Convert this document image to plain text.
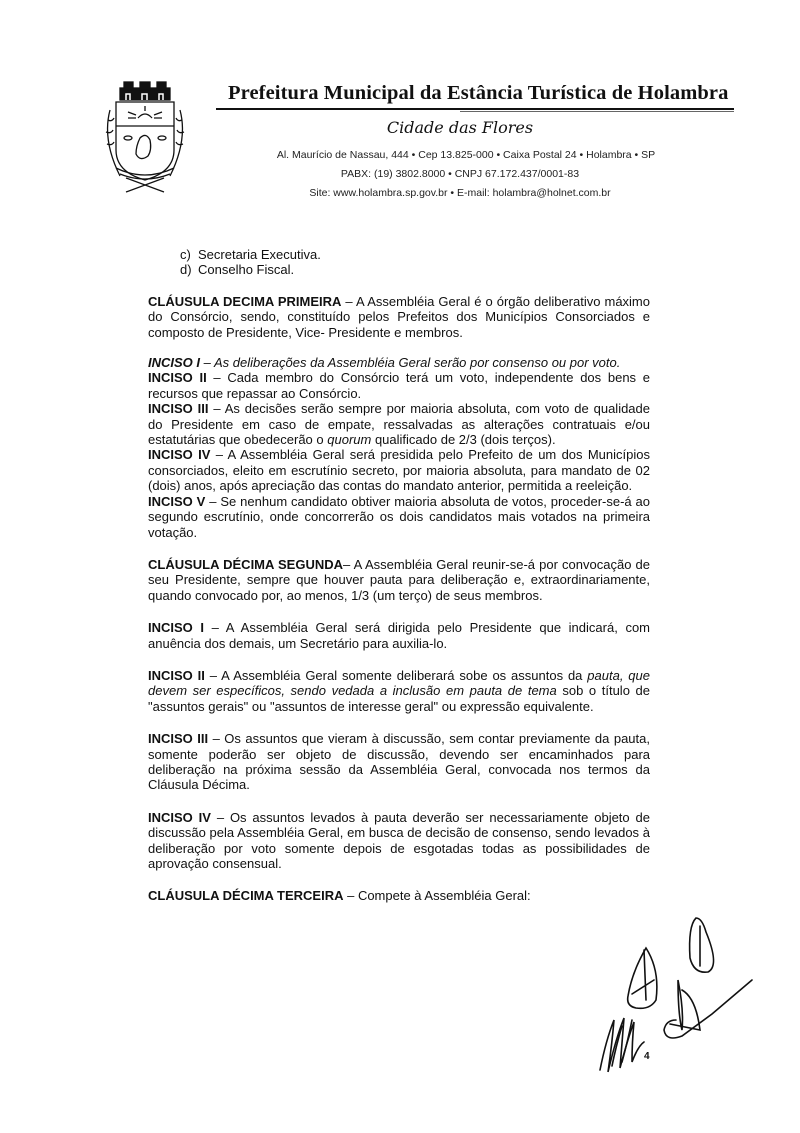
Prefeitura Municipal da Estância Turística de Holambra
Cidade das Flores
Al. Maurício de Nassau, 444 • Cep 13.825-000 • Caixa Postal 24 • Holambra • SP
PABX: (19) 3802.8000 • CNPJ 67.172.437/0001-83
Site: www.holambra.sp.gov.br • E-mail: holambra@holnet.com.br
c) Secretaria Executiva.
d) Conselho Fiscal.

CLÁUSULA DECIMA PRIMEIRA – A Assembléia Geral é o órgão deliberativo máximo do Consórcio, sendo, constituído pelos Prefeitos dos Municípios Consorciados e composto de Presidente, Vice- Presidente e membros.

INCISO I – As deliberações da Assembléia Geral serão por consenso ou por voto.

INCISO II – Cada membro do Consórcio terá um voto, independente dos bens e recursos que repassar ao Consórcio.

INCISO III – As decisões serão sempre por maioria absoluta, com voto de qualidade do Presidente em caso de empate, ressalvadas as alterações contratuais e/ou estatutárias que obedecerão o quorum qualificado de 2/3 (dois terços).

INCISO IV – A Assembléia Geral será presidida pelo Prefeito de um dos Municípios consorciados, eleito em escrutínio secreto, por maioria absoluta, para mandato de 02 (dois) anos, após apreciação das contas do mandato anterior, permitida a reeleição.

INCISO V – Se nenhum candidato obtiver maioria absoluta de votos, proceder-se-á ao segundo escrutínio, onde concorrerão os dois candidatos mais votados na primeira votação.

CLÁUSULA DÉCIMA SEGUNDA– A Assembléia Geral reunir-se-á por convocação de seu Presidente, sempre que houver pauta para deliberação e, extraordinariamente, quando convocado por, ao menos, 1/3 (um terço) de seus membros.

INCISO I – A Assembléia Geral será dirigida pelo Presidente que indicará, com anuência dos demais, um Secretário para auxilia-lo.

INCISO II – A Assembléia Geral somente deliberará sobe os assuntos da pauta, que devem ser específicos, sendo vedada a inclusão em pauta de tema sob o título de "assuntos gerais" ou "assuntos de interesse geral" ou expressão equivalente.

INCISO III – Os assuntos que vieram à discussão, sem contar previamente da pauta, somente poderão ser objeto de discussão, devendo ser encaminhados para deliberação na próxima sessão da Assembléia Geral, convocada nos termos da Cláusula Décima.

INCISO IV – Os assuntos levados à pauta deverão ser necessariamente objeto de discussão pela Assembléia Geral, em busca de decisão de consenso, sendo levados à deliberação por voto somente depois de esgotadas todas as possibilidades de aprovação consensual.

CLÁUSULA DÉCIMA TERCEIRA – Compete à Assembléia Geral:

4
